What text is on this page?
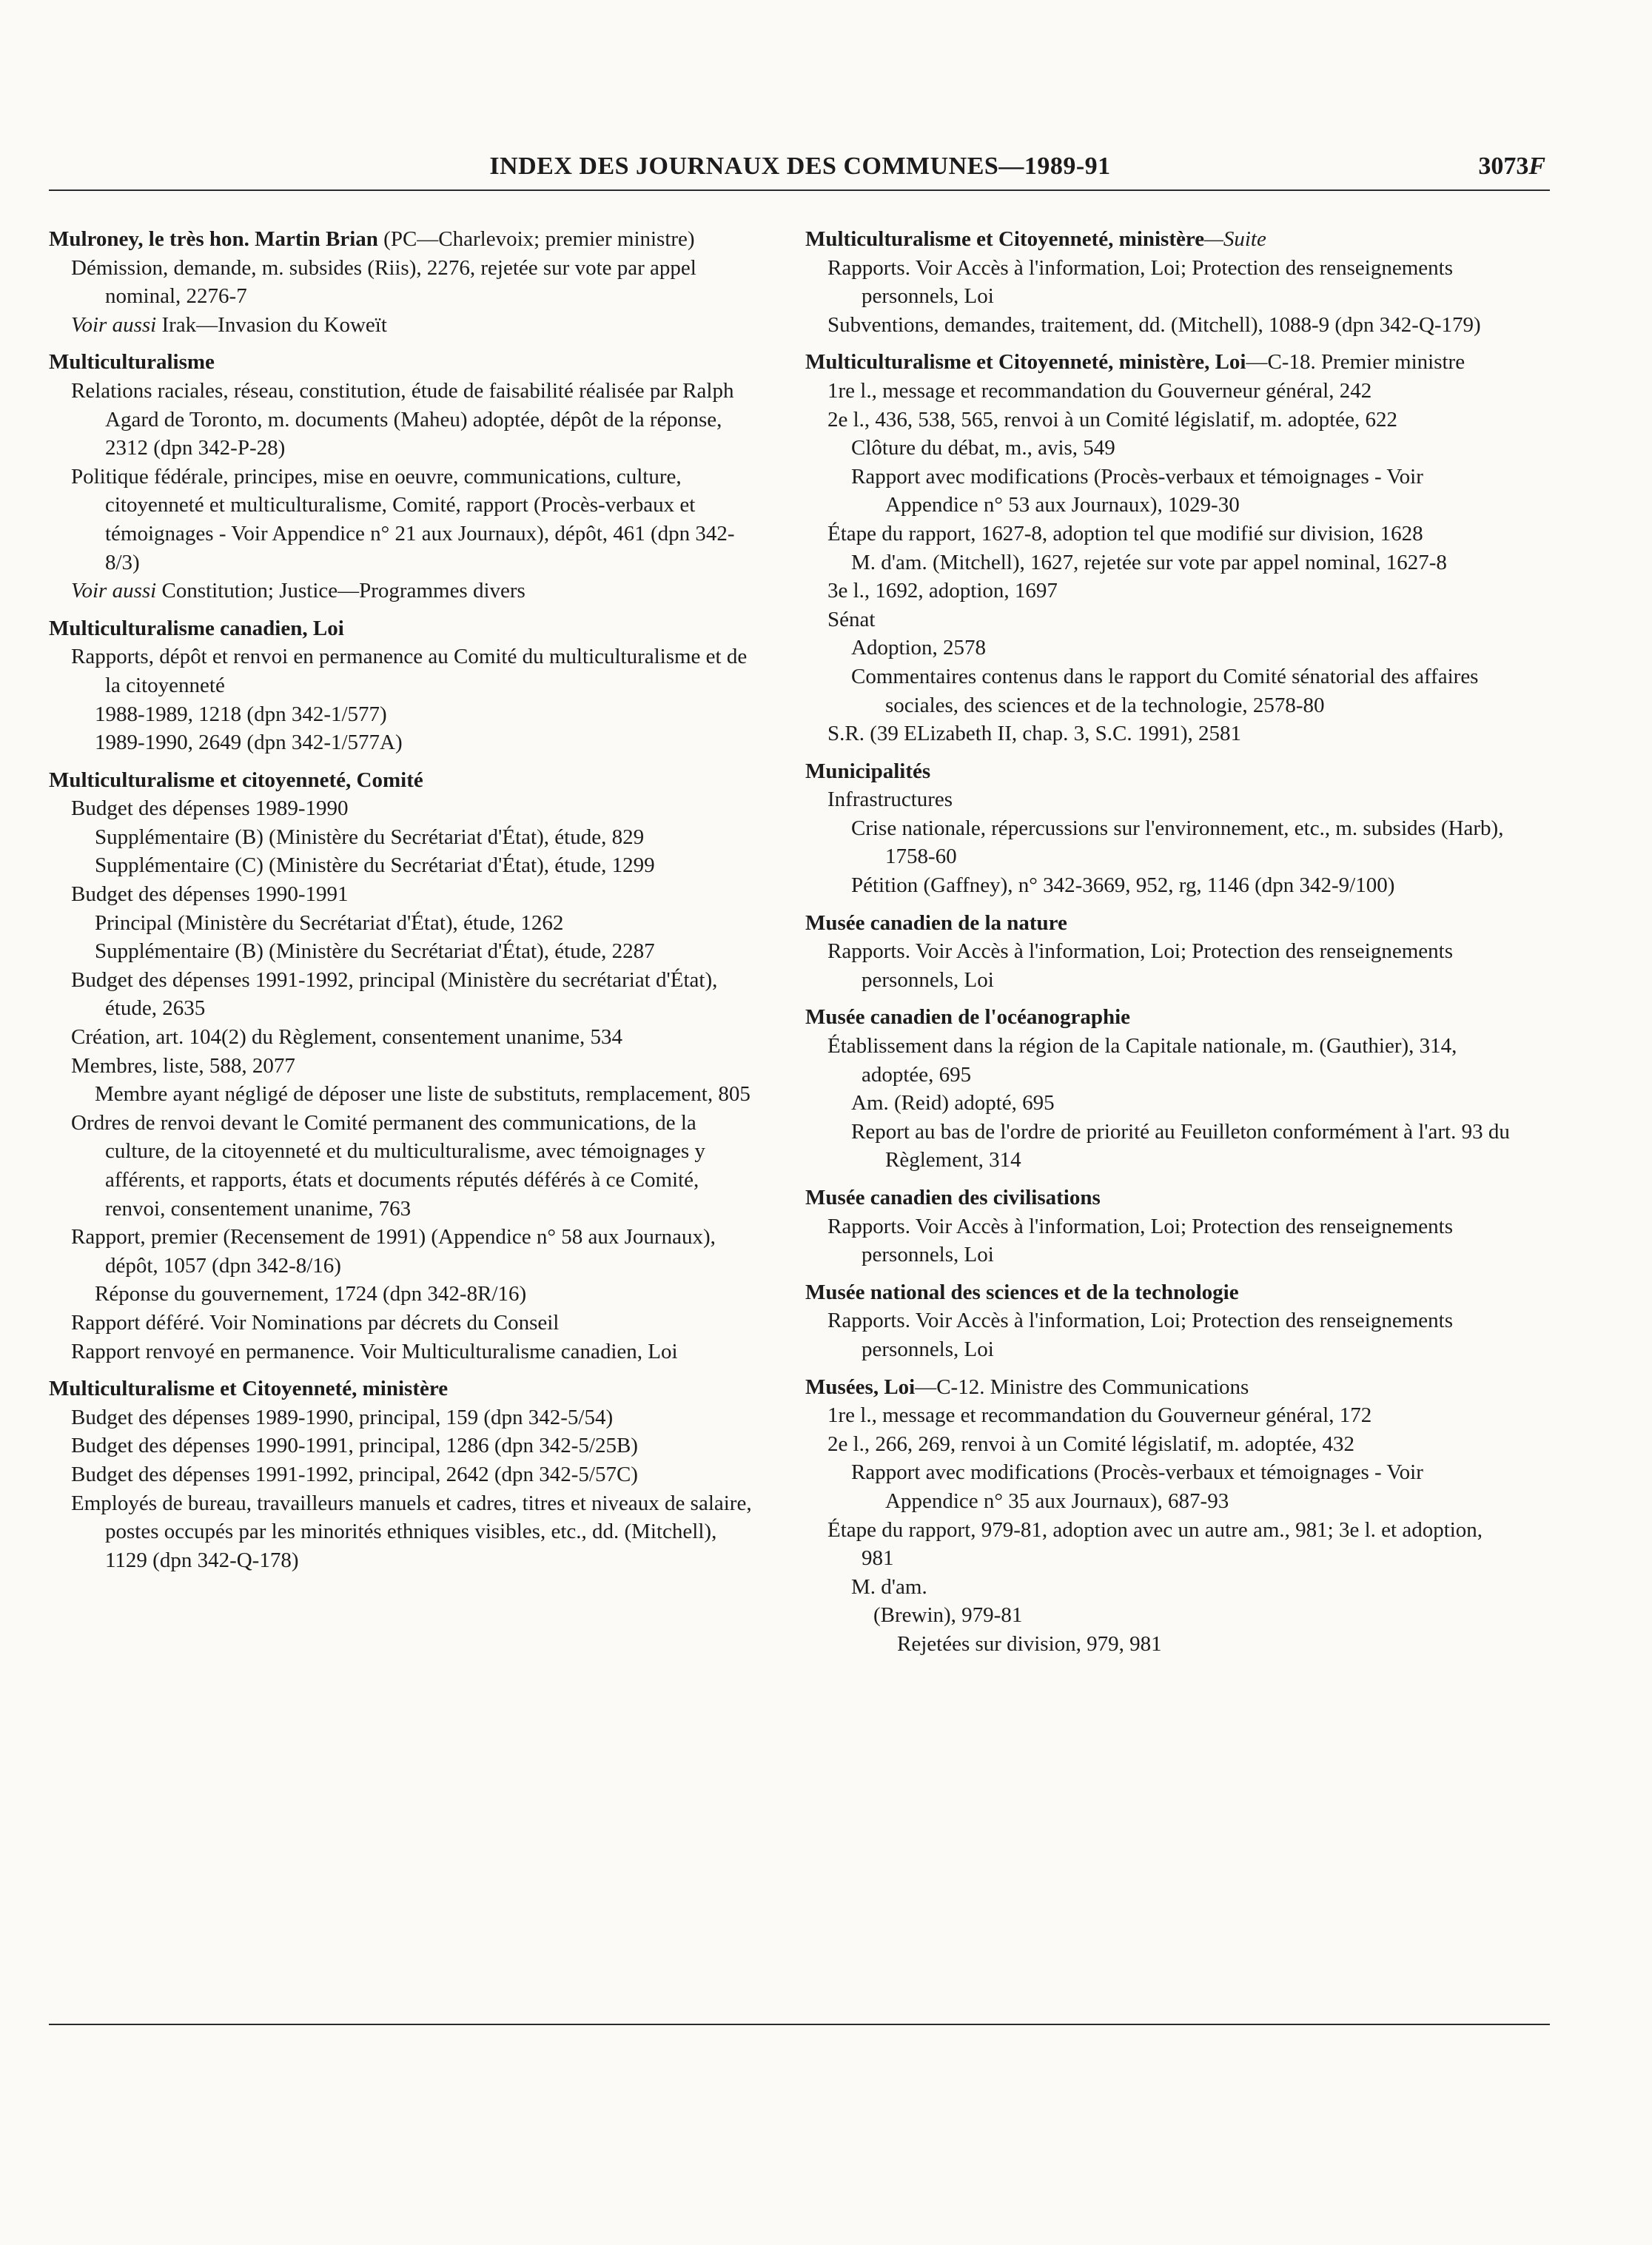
INDEX DES JOURNAUX DES COMMUNES—1989-91	3073F
Mulroney, le très hon. Martin Brian (PC—Charlevoix; premier ministre)
Démission, demande, m. subsides (Riis), 2276, rejetée sur vote par appel nominal, 2276-7
Voir aussi Irak—Invasion du Koweït
Multiculturalisme
Relations raciales, réseau, constitution, étude de faisabilité réalisée par Ralph Agard de Toronto, m. documents (Maheu) adoptée, dépôt de la réponse, 2312 (dpn 342-P-28)
Politique fédérale, principes, mise en oeuvre, communications, culture, citoyenneté et multiculturalisme, Comité, rapport (Procès-verbaux et témoignages - Voir Appendice n° 21 aux Journaux), dépôt, 461 (dpn 342-8/3)
Voir aussi Constitution; Justice—Programmes divers
Multiculturalisme canadien, Loi
Rapports, dépôt et renvoi en permanence au Comité du multiculturalisme et de la citoyenneté
1988-1989, 1218 (dpn 342-1/577)
1989-1990, 2649 (dpn 342-1/577A)
Multiculturalisme et citoyenneté, Comité
Budget des dépenses 1989-1990
Supplémentaire (B) (Ministère du Secrétariat d'État), étude, 829
Supplémentaire (C) (Ministère du Secrétariat d'État), étude, 1299
Budget des dépenses 1990-1991
Principal (Ministère du Secrétariat d'État), étude, 1262
Supplémentaire (B) (Ministère du Secrétariat d'État), étude, 2287
Budget des dépenses 1991-1992, principal (Ministère du secrétariat d'État), étude, 2635
Création, art. 104(2) du Règlement, consentement unanime, 534
Membres, liste, 588, 2077
Membre ayant négligé de déposer une liste de substituts, remplacement, 805
Ordres de renvoi devant le Comité permanent des communications, de la culture, de la citoyenneté et du multiculturalisme, avec témoignages y afférents, et rapports, états et documents réputés déférés à ce Comité, renvoi, consentement unanime, 763
Rapport, premier (Recensement de 1991) (Appendice n° 58 aux Journaux), dépôt, 1057 (dpn 342-8/16)
Réponse du gouvernement, 1724 (dpn 342-8R/16)
Rapport déféré. Voir Nominations par décrets du Conseil
Rapport renvoyé en permanence. Voir Multiculturalisme canadien, Loi
Multiculturalisme et Citoyenneté, ministère
Budget des dépenses 1989-1990, principal, 159 (dpn 342-5/54)
Budget des dépenses 1990-1991, principal, 1286 (dpn 342-5/25B)
Budget des dépenses 1991-1992, principal, 2642 (dpn 342-5/57C)
Employés de bureau, travailleurs manuels et cadres, titres et niveaux de salaire, postes occupés par les minorités ethniques visibles, etc., dd. (Mitchell), 1129 (dpn 342-Q-178)
Multiculturalisme et Citoyenneté, ministère—Suite
Rapports. Voir Accès à l'information, Loi; Protection des renseignements personnels, Loi
Subventions, demandes, traitement, dd. (Mitchell), 1088-9 (dpn 342-Q-179)
Multiculturalisme et Citoyenneté, ministère, Loi—C-18. Premier ministre
1re l., message et recommandation du Gouverneur général, 242
2e l., 436, 538, 565, renvoi à un Comité législatif, m. adoptée, 622
Clôture du débat, m., avis, 549
Rapport avec modifications (Procès-verbaux et témoignages - Voir Appendice n° 53 aux Journaux), 1029-30
Étape du rapport, 1627-8, adoption tel que modifié sur division, 1628
M. d'am. (Mitchell), 1627, rejetée sur vote par appel nominal, 1627-8
3e l., 1692, adoption, 1697
Sénat
Adoption, 2578
Commentaires contenus dans le rapport du Comité sénatorial des affaires sociales, des sciences et de la technologie, 2578-80
S.R. (39 ELizabeth II, chap. 3, S.C. 1991), 2581
Municipalités
Infrastructures
Crise nationale, répercussions sur l'environnement, etc., m. subsides (Harb), 1758-60
Pétition (Gaffney), n° 342-3669, 952, rg, 1146 (dpn 342-9/100)
Musée canadien de la nature
Rapports. Voir Accès à l'information, Loi; Protection des renseignements personnels, Loi
Musée canadien de l'océanographie
Établissement dans la région de la Capitale nationale, m. (Gauthier), 314, adoptée, 695
Am. (Reid) adopté, 695
Report au bas de l'ordre de priorité au Feuilleton conformément à l'art. 93 du Règlement, 314
Musée canadien des civilisations
Rapports. Voir Accès à l'information, Loi; Protection des renseignements personnels, Loi
Musée national des sciences et de la technologie
Rapports. Voir Accès à l'information, Loi; Protection des renseignements personnels, Loi
Musées, Loi—C-12. Ministre des Communications
1re l., message et recommandation du Gouverneur général, 172
2e l., 266, 269, renvoi à un Comité législatif, m. adoptée, 432
Rapport avec modifications (Procès-verbaux et témoignages - Voir Appendice n° 35 aux Journaux), 687-93
Étape du rapport, 979-81, adoption avec un autre am., 981; 3e l. et adoption, 981
M. d'am.
(Brewin), 979-81
Rejetées sur division, 979, 981
